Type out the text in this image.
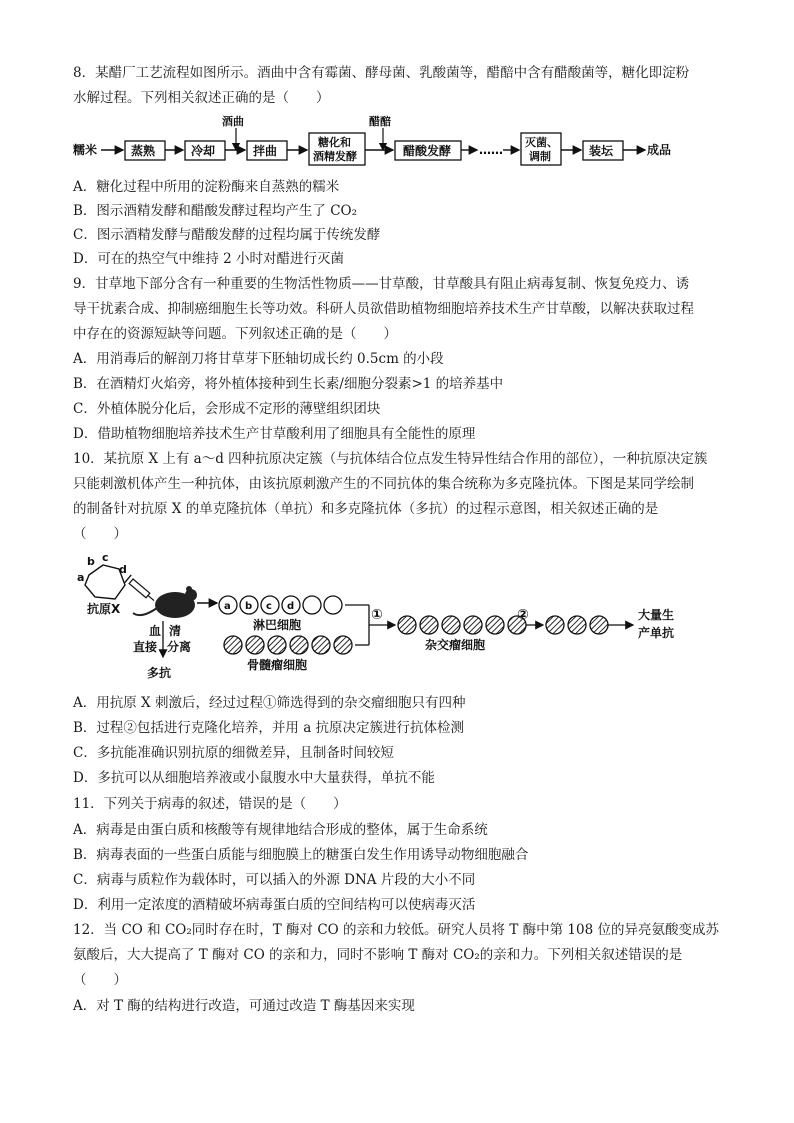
8．某醋厂工艺流程如图所示。酒曲中含有霉菌、酵母菌、乳酸菌等，醋醅中含有醋酸菌等，糖化即淀粉
水解过程。下列相关叙述正确的是（　　）
糯米	蒸熟	冷却	拌曲
酒曲
糖化和
酒精发酵
醋醅
醋酸发酵 ……
灭菌、
调制	装坛	成品
A．糖化过程中所用的淀粉酶来自蒸熟的糯米
B．图示酒精发酵和醋酸发酵过程均产生了 CO₂
C．图示酒精发酵与醋酸发酵的过程均属于传统发酵
D．可在的热空气中维持 2 小时对醋进行灭菌
9．甘草地下部分含有一种重要的生物活性物质——甘草酸，甘草酸具有阻止病毒复制、恢复免疫力、诱
导干扰素合成、抑制癌细胞生长等功效。科研人员欲借助植物细胞培养技术生产甘草酸，以解决获取过程
中存在的资源短缺等问题。下列叙述正确的是（　　）
A．用消毒后的解剖刀将甘草芽下胚轴切成长约 0.5cm 的小段
B．在酒精灯火焰旁，将外植体接种到生长素/细胞分裂素>1 的培养基中
C．外植体脱分化后，会形成不定形的薄壁组织团块
D．借助植物细胞培养技术生产甘草酸利用了细胞具有全能性的原理
10．某抗原 X 上有 a～d 四种抗原决定簇（与抗体结合位点发生特异性结合作用的部位），一种抗原决定簇
只能刺激机体产生一种抗体，由该抗原刺激产生的不同抗体的集合统称为多克隆抗体。下图是某同学绘制
的制备针对抗原 X 的单克隆抗体（单抗）和多克隆抗体（多抗）的过程示意图，相关叙述正确的是
（　　）
a
b c
d
抗原X
血 清
直接 分离
多抗
a b c d
淋巴细胞
骨髓瘤细胞
①
杂交瘤细胞
②	大量生
产单抗
A．用抗原 X 刺激后，经过过程①筛选得到的杂交瘤细胞只有四种
B．过程②包括进行克隆化培养，并用 a 抗原决定簇进行抗体检测
C．多抗能准确识别抗原的细微差异，且制备时间较短
D．多抗可以从细胞培养液或小鼠腹水中大量获得，单抗不能
11．下列关于病毒的叙述，错误的是（　　）
A．病毒是由蛋白质和核酸等有规律地结合形成的整体，属于生命系统
B．病毒表面的一些蛋白质能与细胞膜上的糖蛋白发生作用诱导动物细胞融合
C．病毒与质粒作为载体时，可以插入的外源 DNA 片段的大小不同
D．利用一定浓度的酒精破坏病毒蛋白质的空间结构可以使病毒灭活
12．当 CO 和 CO₂同时存在时，T 酶对 CO 的亲和力较低。研究人员将 T 酶中第 108 位的异亮氨酸变成苏
氨酸后，大大提高了 T 酶对 CO 的亲和力，同时不影响 T 酶对 CO₂的亲和力。下列相关叙述错误的是
（　　）
A．对 T 酶的结构进行改造，可通过改造 T 酶基因来实现
